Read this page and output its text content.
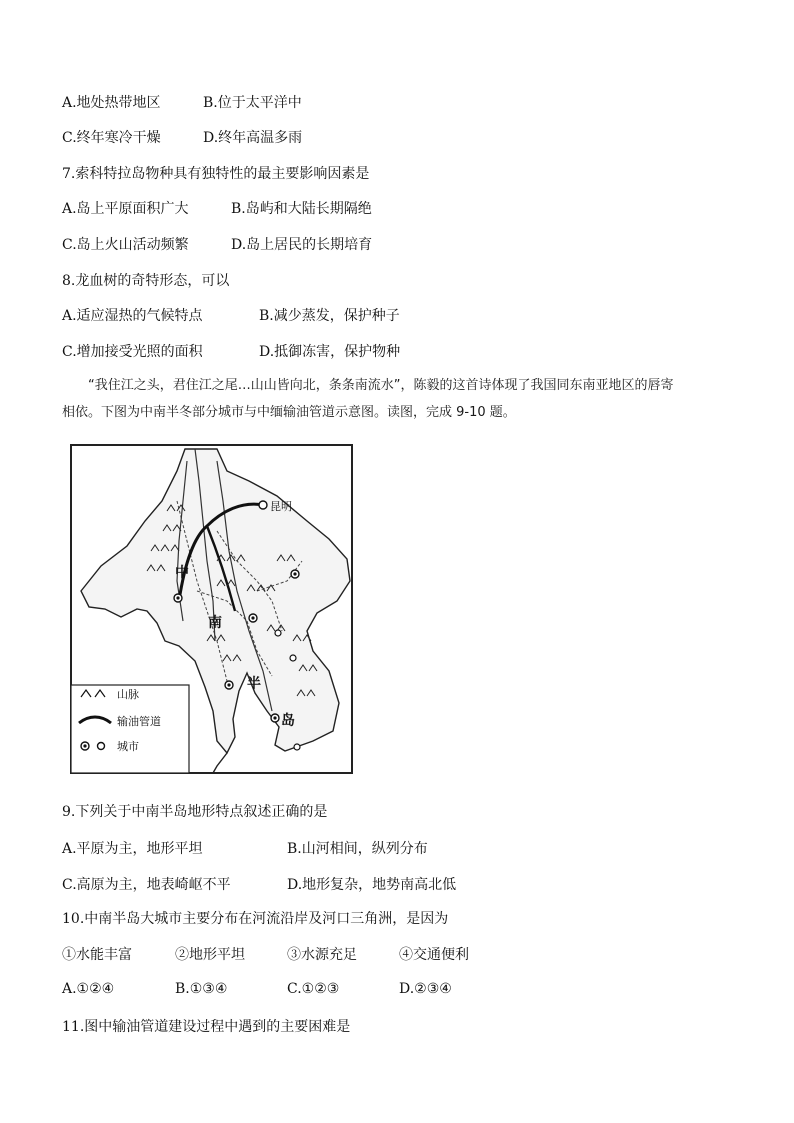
A.地处热带地区	B.位于太平洋中
C.终年寒冷干燥	D.终年高温多雨
7.索科特拉岛物种具有独特性的最主要影响因素是
A.岛上平原面积广大	B.岛屿和大陆长期隔绝
C.岛上火山活动频繁	D.岛上居民的长期培育
8.龙血树的奇特形态，可以
A.适应湿热的气候特点	B.减少蒸发，保护种子
C.增加接受光照的面积	D.抵御冻害，保护物种
“我住江之头，君住江之尾…山山皆向北，条条南流水”，陈毅的这首诗体现了我国同东南亚地区的唇寄
相依。下图为中南半冬部分城市与中缅输油管道示意图。读图，完成 9-10 题。
昆明
中
南
半
岛
山脉
输油管道
城市
9.下列关于中南半岛地形特点叙述正确的是
A.平原为主，地形平坦	B.山河相间，纵列分布
C.高原为主，地表崎岖不平	D.地形复杂，地势南高北低
10.中南半岛大城市主要分布在河流沿岸及河口三角洲，是因为
①水能丰富	②地形平坦	③水源充足	④交通便利
A.①②④	B.①③④	C.①②③	D.②③④
11.图中输油管道建设过程中遇到的主要困难是
